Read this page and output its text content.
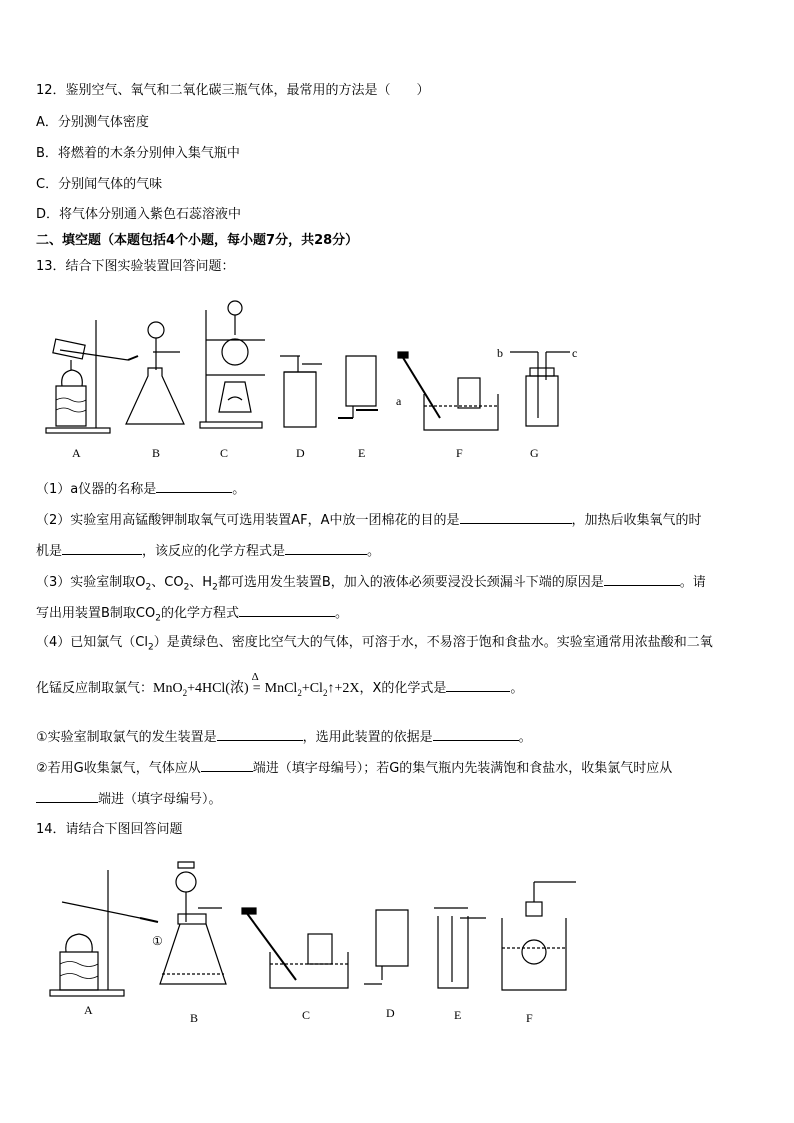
12．鉴别空气、氧气和二氧化碳三瓶气体，最常用的方法是（　　）
A．分别测气体密度
B．将燃着的木条分别伸入集气瓶中
C．分别闻气体的气味
D．将气体分别通入紫色石蕊溶液中
二、填空题（本题包括4个小题，每小题7分，共28分）
13．结合下图实验装置回答问题：
a
b	c
A	B	C	D	E	F	G
（1）a仪器的名称是	。
（2）实验室用高锰酸钾制取氧气可选用装置AF，A中放一团棉花的目的是	，加热后收集氧气的时
机是	，该反应的化学方程式是	。
（3）实验室制取$O_2$、$CO_2$、$H_2$都可选用发生装置B，加入的液体必须要浸没长颈漏斗下端的原因是	。请
写出用装置B制取$CO_2$的化学方程式	。
（4）已知氯气$(Cl_2)$是黄绿色、密度比空气大的气体，可溶于水，不易溶于饱和食盐水。实验室通常用浓盐酸和二氧
化锰反应制取氯气：MnO$_2$+4HCl(浓)
Δ
= $MnCl_2+Cl_2↑+2X$，X的化学式是	。
①实验室制取氯气的发生装置是	，选用此装置的依据是	。
②若用G收集氯气，气体应从	端进（填字母编号）；若G的集气瓶内先装满饱和食盐水，收集氯气时应从
端进（填字母编号）。
14．请结合下图回答问题
①
A
B	C	D	E	F
